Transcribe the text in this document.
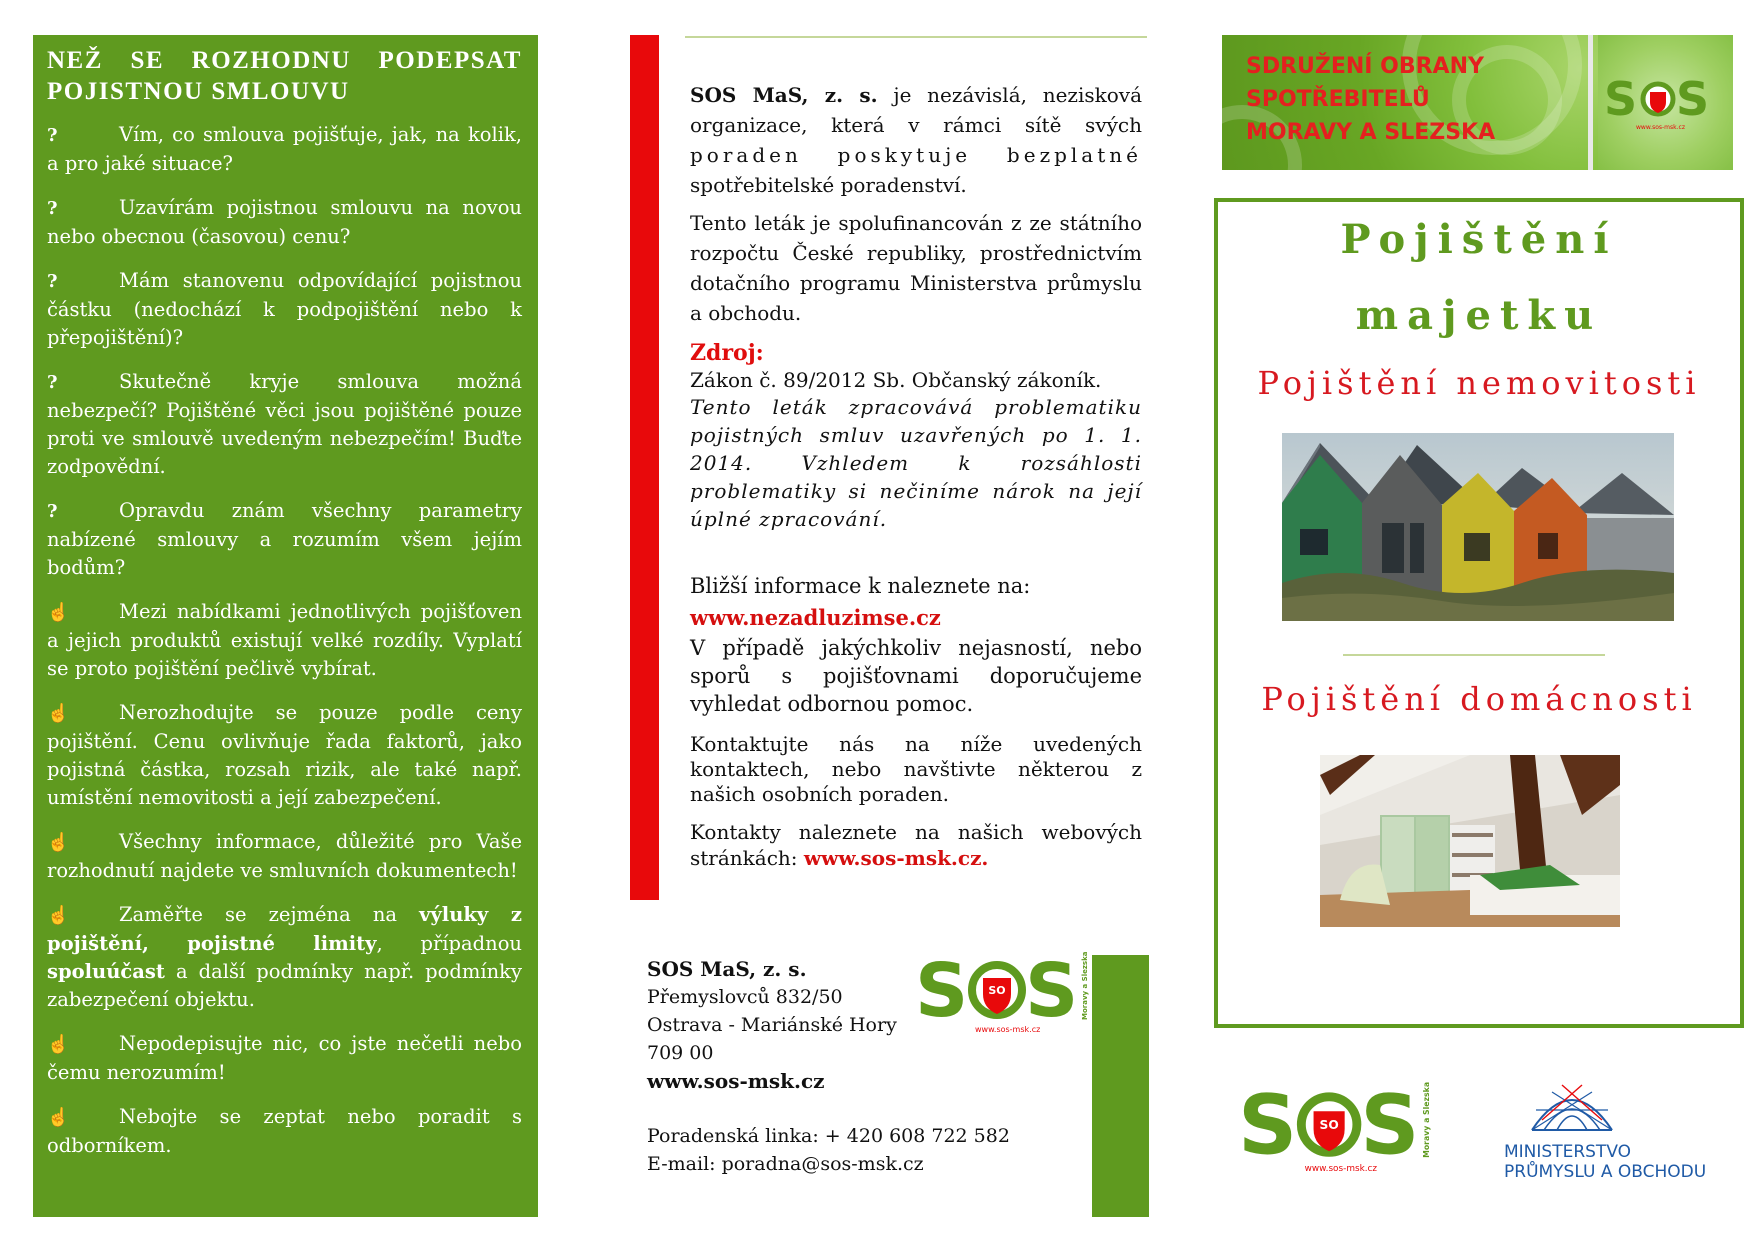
NEŽ SE ROZHODNU PODEPSAT POJISTNOU SMLOUVU
?	Vím, co smlouva pojišťuje, jak, na kolik, a pro jaké situace?
?	Uzavírám pojistnou smlouvu na novou nebo obecnou (časovou) cenu?
?	Mám stanovenu odpovídající pojistnou částku (nedochází k podpojištění nebo k přepojištění)?
?	Skutečně kryje smlouva možná nebezpečí? Pojištěné věci jsou pojištěné pouze proti ve smlouvě uvedeným nebezpečím! Buďte zodpovědní.
?	Opravdu znám všechny parametry nabízené smlouvy a rozumím všem jejím bodům?
☝	Mezi nabídkami jednotlivých pojišťoven a jejich produktů existují velké rozdíly. Vyplatí se proto pojištění pečlivě vybírat.
☝	Nerozhodujte se pouze podle ceny pojištění. Cenu ovlivňuje řada faktorů, jako pojistná částka, rozsah rizik, ale také např. umístění nemovitosti a její zabezpečení.
☝	Všechny informace, důležité pro Vaše rozhodnutí najdete ve smluvních dokumentech!
☝	Zaměřte se zejména na výluky z pojištění, pojistné limity, případnou spoluúčast a další podmínky např. podmínky zabezpečení objektu.
☝	Nepodepisujte nic, co jste nečetli nebo čemu nerozumím!
☝	Nebojte se zeptat nebo poradit s odborníkem.

SOS MaS, z. s. je nezávislá, nezisková organizace, která v rámci sítě svých poraden poskytuje bezplatné spotřebitelské poradenství.

Tento leták je spolufinancován z ze státního rozpočtu České republiky, prostřednictvím dotačního programu Ministerstva průmyslu a obchodu.

Zdroj:

Zákon č. 89/2012 Sb. Občanský zákoník.

Tento leták zpracovává problematiku pojistných smluv uzavřených po 1. 1. 2014. Vzhledem k rozsáhlosti problematiky si nečiníme nárok na její úplné zpracování.

Bližší informace k naleznete na:
www.nezadluzimse.cz

V případě jakýchkoliv nejasností, nebo sporů s pojišťovnami doporučujeme vyhledat odbornou pomoc.

Kontaktujte nás na níže uvedených kontaktech, nebo navštivte některou z našich osobních poraden.

Kontakty naleznete na našich webových stránkách: www.sos-msk.cz.

SOS MaS, z. s.
Přemyslovců 832/50
Ostrava - Mariánské Hory
709 00
www.sos-msk.cz
Poradenská linka: + 420 608 722 582
E-mail: poradna@sos-msk.cz
S SO S
www.sos-msk.cz
Moravy a Slezska
SDRUŽENÍ OBRANY
SPOTŘEBITELŮ
MORAVY A SLEZSKA
S S
www.sos-msk.cz
Pojištění
majetku
Pojištění nemovitosti
Pojištění domácnosti
S SO S
www.sos-msk.cz
Moravy a Slezska	MINISTERSTVO
PRŮMYSLU A OBCHODU
